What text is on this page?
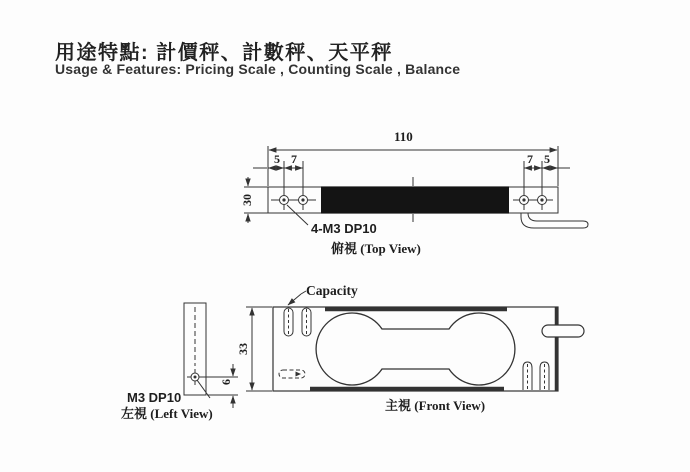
用途特點: 計價秤、計數秤、天平秤
Usage & Features: Pricing Scale , Counting Scale , Balance
110
5 7	7 5
30
4-M3 DP10
俯視 (Top View)
6
M3 DP10
左視 (Left View)
33
Capacity
主視 (Front View)
